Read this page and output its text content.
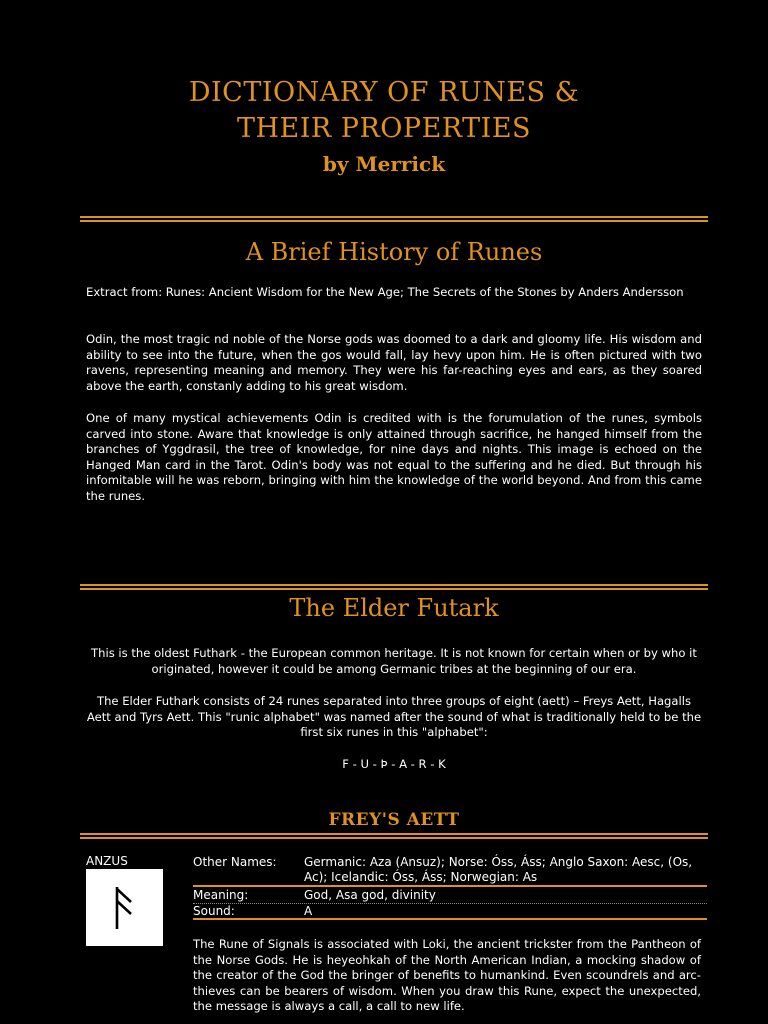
DICTIONARY OF RUNES &
THEIR PROPERTIES
by Merrick
A Brief History of Runes

Extract from: Runes: Ancient Wisdom for the New Age; The Secrets of the Stones by Anders Andersson

Odin, the most tragic nd noble of the Norse gods was doomed to a dark and gloomy life. His wisdom and ability to see into the future, when the gos would fall, lay hevy upon him. He is often pictured with two ravens, representing meaning and memory. They were his far-reaching eyes and ears, as they soared above the earth, constanly adding to his great wisdom.

One of many mystical achievements Odin is credited with is the forumulation of the runes, symbols carved into stone. Aware that knowledge is only attained through sacrifice, he hanged himself from the branches of Yggdrasil, the tree of knowledge, for nine days and nights. This image is echoed on the Hanged Man card in the Tarot. Odin's body was not equal to the suffering and he died. But through his infomitable will he was reborn, bringing with him the knowledge of the world beyond. And from this came the runes.

The Elder Futark

This is the oldest Futhark - the European common heritage. It is not known for certain when or by who it originated, however it could be among Germanic tribes at the beginning of our era.

The Elder Futhark consists of 24 runes separated into three groups of eight (aett) – Freys Aett, Hagalls Aett and Tyrs Aett. This "runic alphabet" was named after the sound of what is traditionally held to be the first six runes in this "alphabet":

F - U - Þ - A - R - K

FREY'S AETT
ANZUS	Other Names: Germanic: Aza (Ansuz); Norse: Óss, Áss; Anglo Saxon: Aesc, (Os, Ac); Icelandic: Óss, Áss; Norwegian: As
Meaning:	God, Asa god, divinity
Sound:	A

The Rune of Signals is associated with Loki, the ancient trickster from the Pantheon of the Norse Gods. He is heyeohkah of the North American Indian, a mocking shadow of the creator of the God the bringer of benefits to humankind. Even scoundrels and arc-thieves can be bearers of wisdom. When you draw this Rune, expect the unexpected, the message is always a call, a call to new life.
